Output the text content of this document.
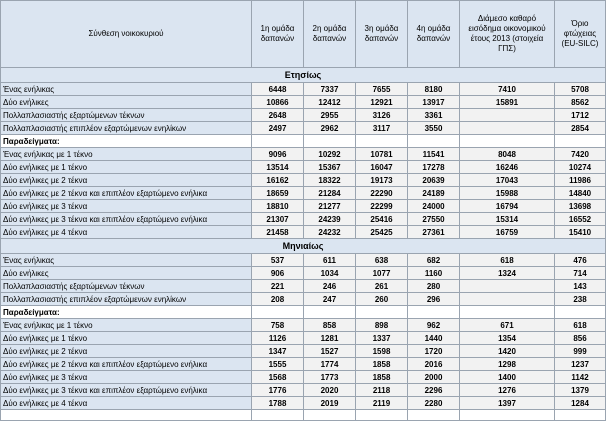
Σύνθεση νοικοκυριού	1η ομάδα δαπανών	2η ομάδα δαπανών	3η ομάδα δαπανών	4η ομάδα δαπανών	Διάμεσο καθαρό εισόδημα οικονομικού έτους 2013 (στοιχεία ΓΠΣ)	Όριο φτώχειας (EU-SILC)
Ετησίως						
Ένας ενήλικας	6448	7337	7655	8180	7410	5708
Δύο ενήλικες	10866	12412	12921	13917	15891	8562
Πολλαπλασιαστής εξαρτώμενων τέκνων	2648	2955	3126	3361		1712
Πολλαπλασιαστής επιπλέον εξαρτώμενων ενηλίκων	2497	2962	3117	3550		2854
Παραδείγματα:						
Ένας ενήλικας με 1 τέκνο	9096	10292	10781	11541	8048	7420
Δύο ενήλικες με 1 τέκνο	13514	15367	16047	17278	16246	10274
Δύο ενήλικες με 2 τέκνα	16162	18322	19173	20639	17043	11986
Δύο ενήλικες με 2 τέκνα και επιπλέον εξαρτώμενο ενήλικα	18659	21284	22290	24189	15988	14840
Δύο ενήλικες με 3 τέκνα	18810	21277	22299	24000	16794	13698
Δύο ενήλικες με 3 τέκνα και επιπλέον εξαρτώμενο ενήλικα	21307	24239	25416	27550	15314	16552
Δύο ενήλικες με 4 τέκνα	21458	24232	25425	27361	16759	15410
Μηνιαίως						
Ένας ενήλικας	537	611	638	682	618	476
Δύο ενήλικες	906	1034	1077	1160	1324	714
Πολλαπλασιαστής εξαρτώμενων τέκνων	221	246	261	280		143
Πολλαπλασιαστής επιπλέον εξαρτώμενων ενηλίκων	208	247	260	296		238
Παραδείγματα:						
Ένας ενήλικας με 1 τέκνο	758	858	898	962	671	618
Δύο ενήλικες με 1 τέκνο	1126	1281	1337	1440	1354	856
Δύο ενήλικες με 2 τέκνα	1347	1527	1598	1720	1420	999
Δύο ενήλικες με 2 τέκνα και επιπλέον εξαρτώμενο ενήλικα	1555	1774	1858	2016	1298	1237
Δύο ενήλικες με 3 τέκνα	1568	1773	1858	2000	1400	1142
Δύο ενήλικες με 3 τέκνα και επιπλέον εξαρτώμενο ενήλικα	1776	2020	2118	2296	1276	1379
Δύο ενήλικες με 4 τέκνα	1788	2019	2119	2280	1397	1284
